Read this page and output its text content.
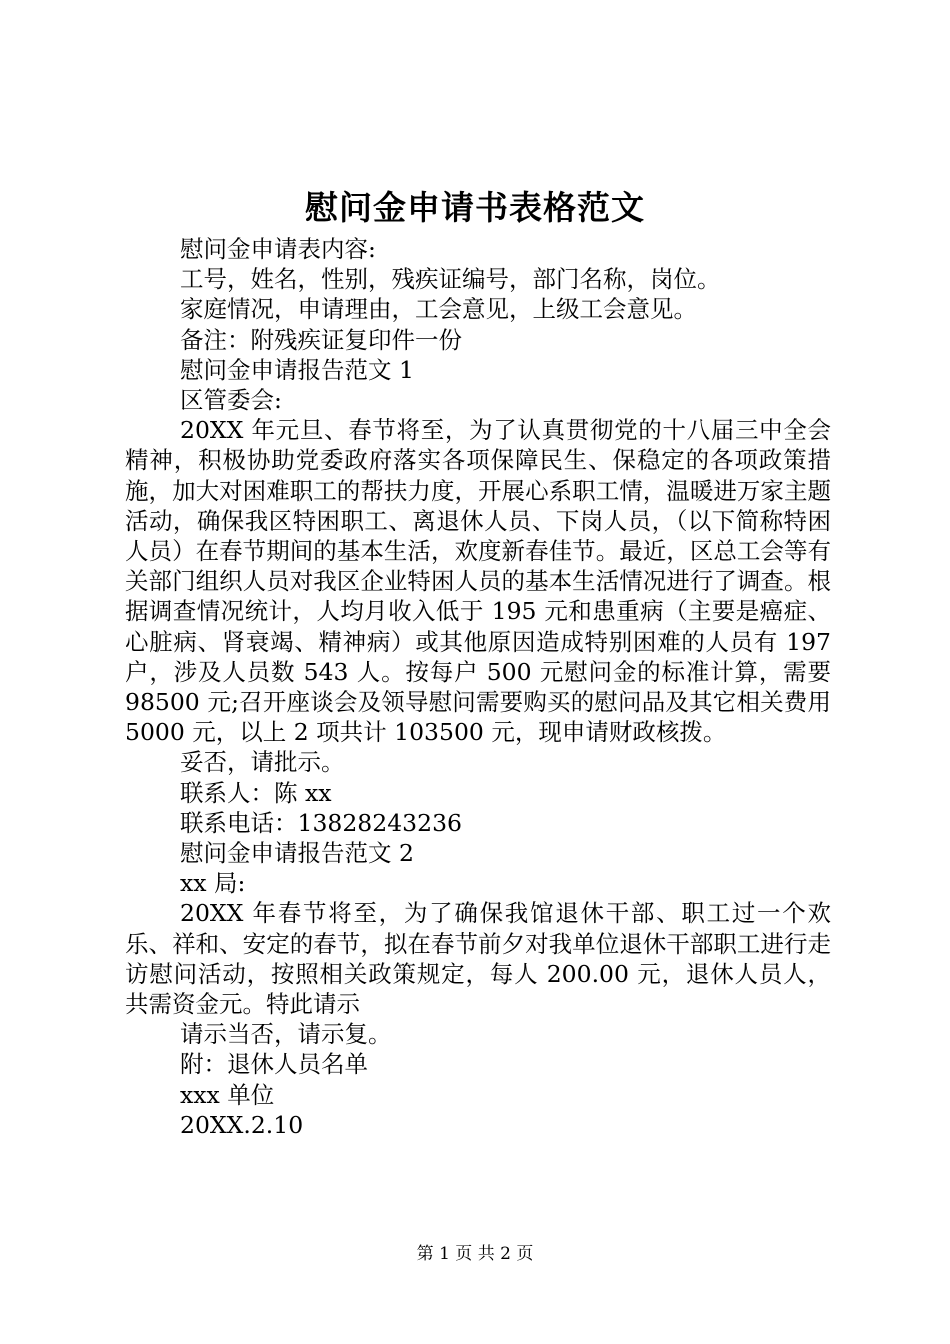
慰问金申请书表格范文

慰问金申请表内容:

工号，姓名，性别，残疾证编号，部门名称，岗位。

家庭情况，申请理由，工会意见，上级工会意见。

备注：附残疾证复印件一份

慰问金申请报告范文 1

区管委会:

20XX 年元旦、春节将至，为了认真贯彻党的十八届三中全会精神，积极协助党委政府落实各项保障民生、保稳定的各项政策措施，加大对困难职工的帮扶力度，开展心系职工情，温暖进万家主题活动，确保我区特困职工、离退休人员、下岗人员，（以下简称特困人员）在春节期间的基本生活，欢度新春佳节。最近，区总工会等有关部门组织人员对我区企业特困人员的基本生活情况进行了调查。根据调查情况统计，人均月收入低于 195 元和患重病（主要是癌症、心脏病、肾衰竭、精神病）或其他原因造成特别困难的人员有 197 户，涉及人员数 543 人。按每户 500 元慰问金的标准计算，需要 98500 元;召开座谈会及领导慰问需要购买的慰问品及其它相关费用 5000 元，以上 2 项共计 103500 元，现申请财政核拨。

妥否，请批示。

联系人：陈 xx

联系电话：13828243236

慰问金申请报告范文 2

xx 局:

20XX 年春节将至，为了确保我馆退休干部、职工过一个欢乐、祥和、安定的春节，拟在春节前夕对我单位退休干部职工进行走访慰问活动，按照相关政策规定，每人 200.00 元，退休人员人，共需资金元。特此请示

请示当否，请示复。

附：退休人员名单

xxx 单位

20XX.2.10

第 1 页 共 2 页
